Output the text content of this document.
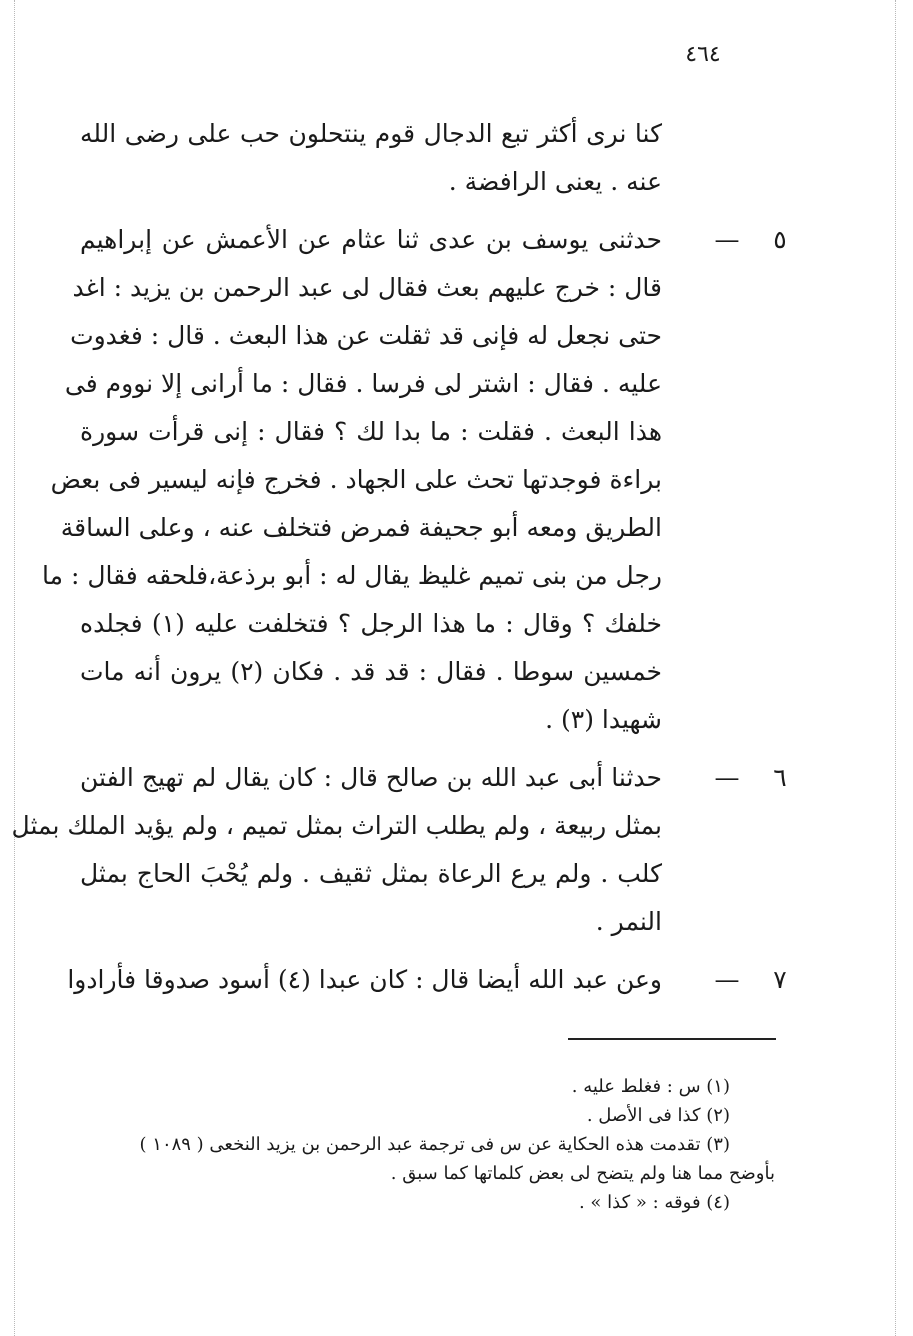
٤٦٤
كنا نرى أكثر تبع الدجال قوم ينتحلون حب على رضى الله
عنه . يعنى الرافضة .
٥
—
حدثنى يوسف بن عدى ثنا عثام عن الأعمش عن إبراهيم
قال : خرج عليهم بعث فقال لى عبد الرحمن بن يزيد : اغد
حتى نجعل له فإنى قد ثقلت عن هذا البعث . قال : فغدوت
عليه . فقال : اشتر لى فرسا . فقال : ما أرانى إلا نووم فى
هذا البعث . فقلت : ما بدا لك ؟ فقال : إنى قرأت سورة
براءة فوجدتها تحث على الجهاد . فخرج فإنه ليسير فى بعض
الطريق ومعه أبو جحيفة فمرض فتخلف عنه ، وعلى الساقة
رجل من بنى تميم غليظ يقال له : أبو برذعة،فلحقه فقال : ما
خلفك ؟ وقال : ما هذا الرجل ؟ فتخلفت عليه (١) فجلده
خمسين سوطا . فقال : قد قد . فكان (٢) يرون أنه مات
شهيدا (٣) .
٦
—
حدثنا أبى عبد الله بن صالح قال : كان يقال لم تهيج الفتن
بمثل ربيعة ، ولم يطلب التراث بمثل تميم ، ولم يؤيد الملك بمثل
كلب . ولم يرع الرعاة بمثل ثقيف . ولم يُحْبَ الحاج بمثل
النمر .
٧
—
وعن عبد الله أيضا قال : كان عبدا (٤) أسود صدوقا فأرادوا
(١) س : فغلط عليه .
(٢) كذا فى الأصل .
(٣) تقدمت هذه الحكاية عن س فى ترجمة عبد الرحمن بن يزيد النخعى ( ١٠٨٩ )
بأوضح مما هنا ولم يتضح لى بعض كلماتها كما سبق .
(٤) فوقه : « كذا » .
